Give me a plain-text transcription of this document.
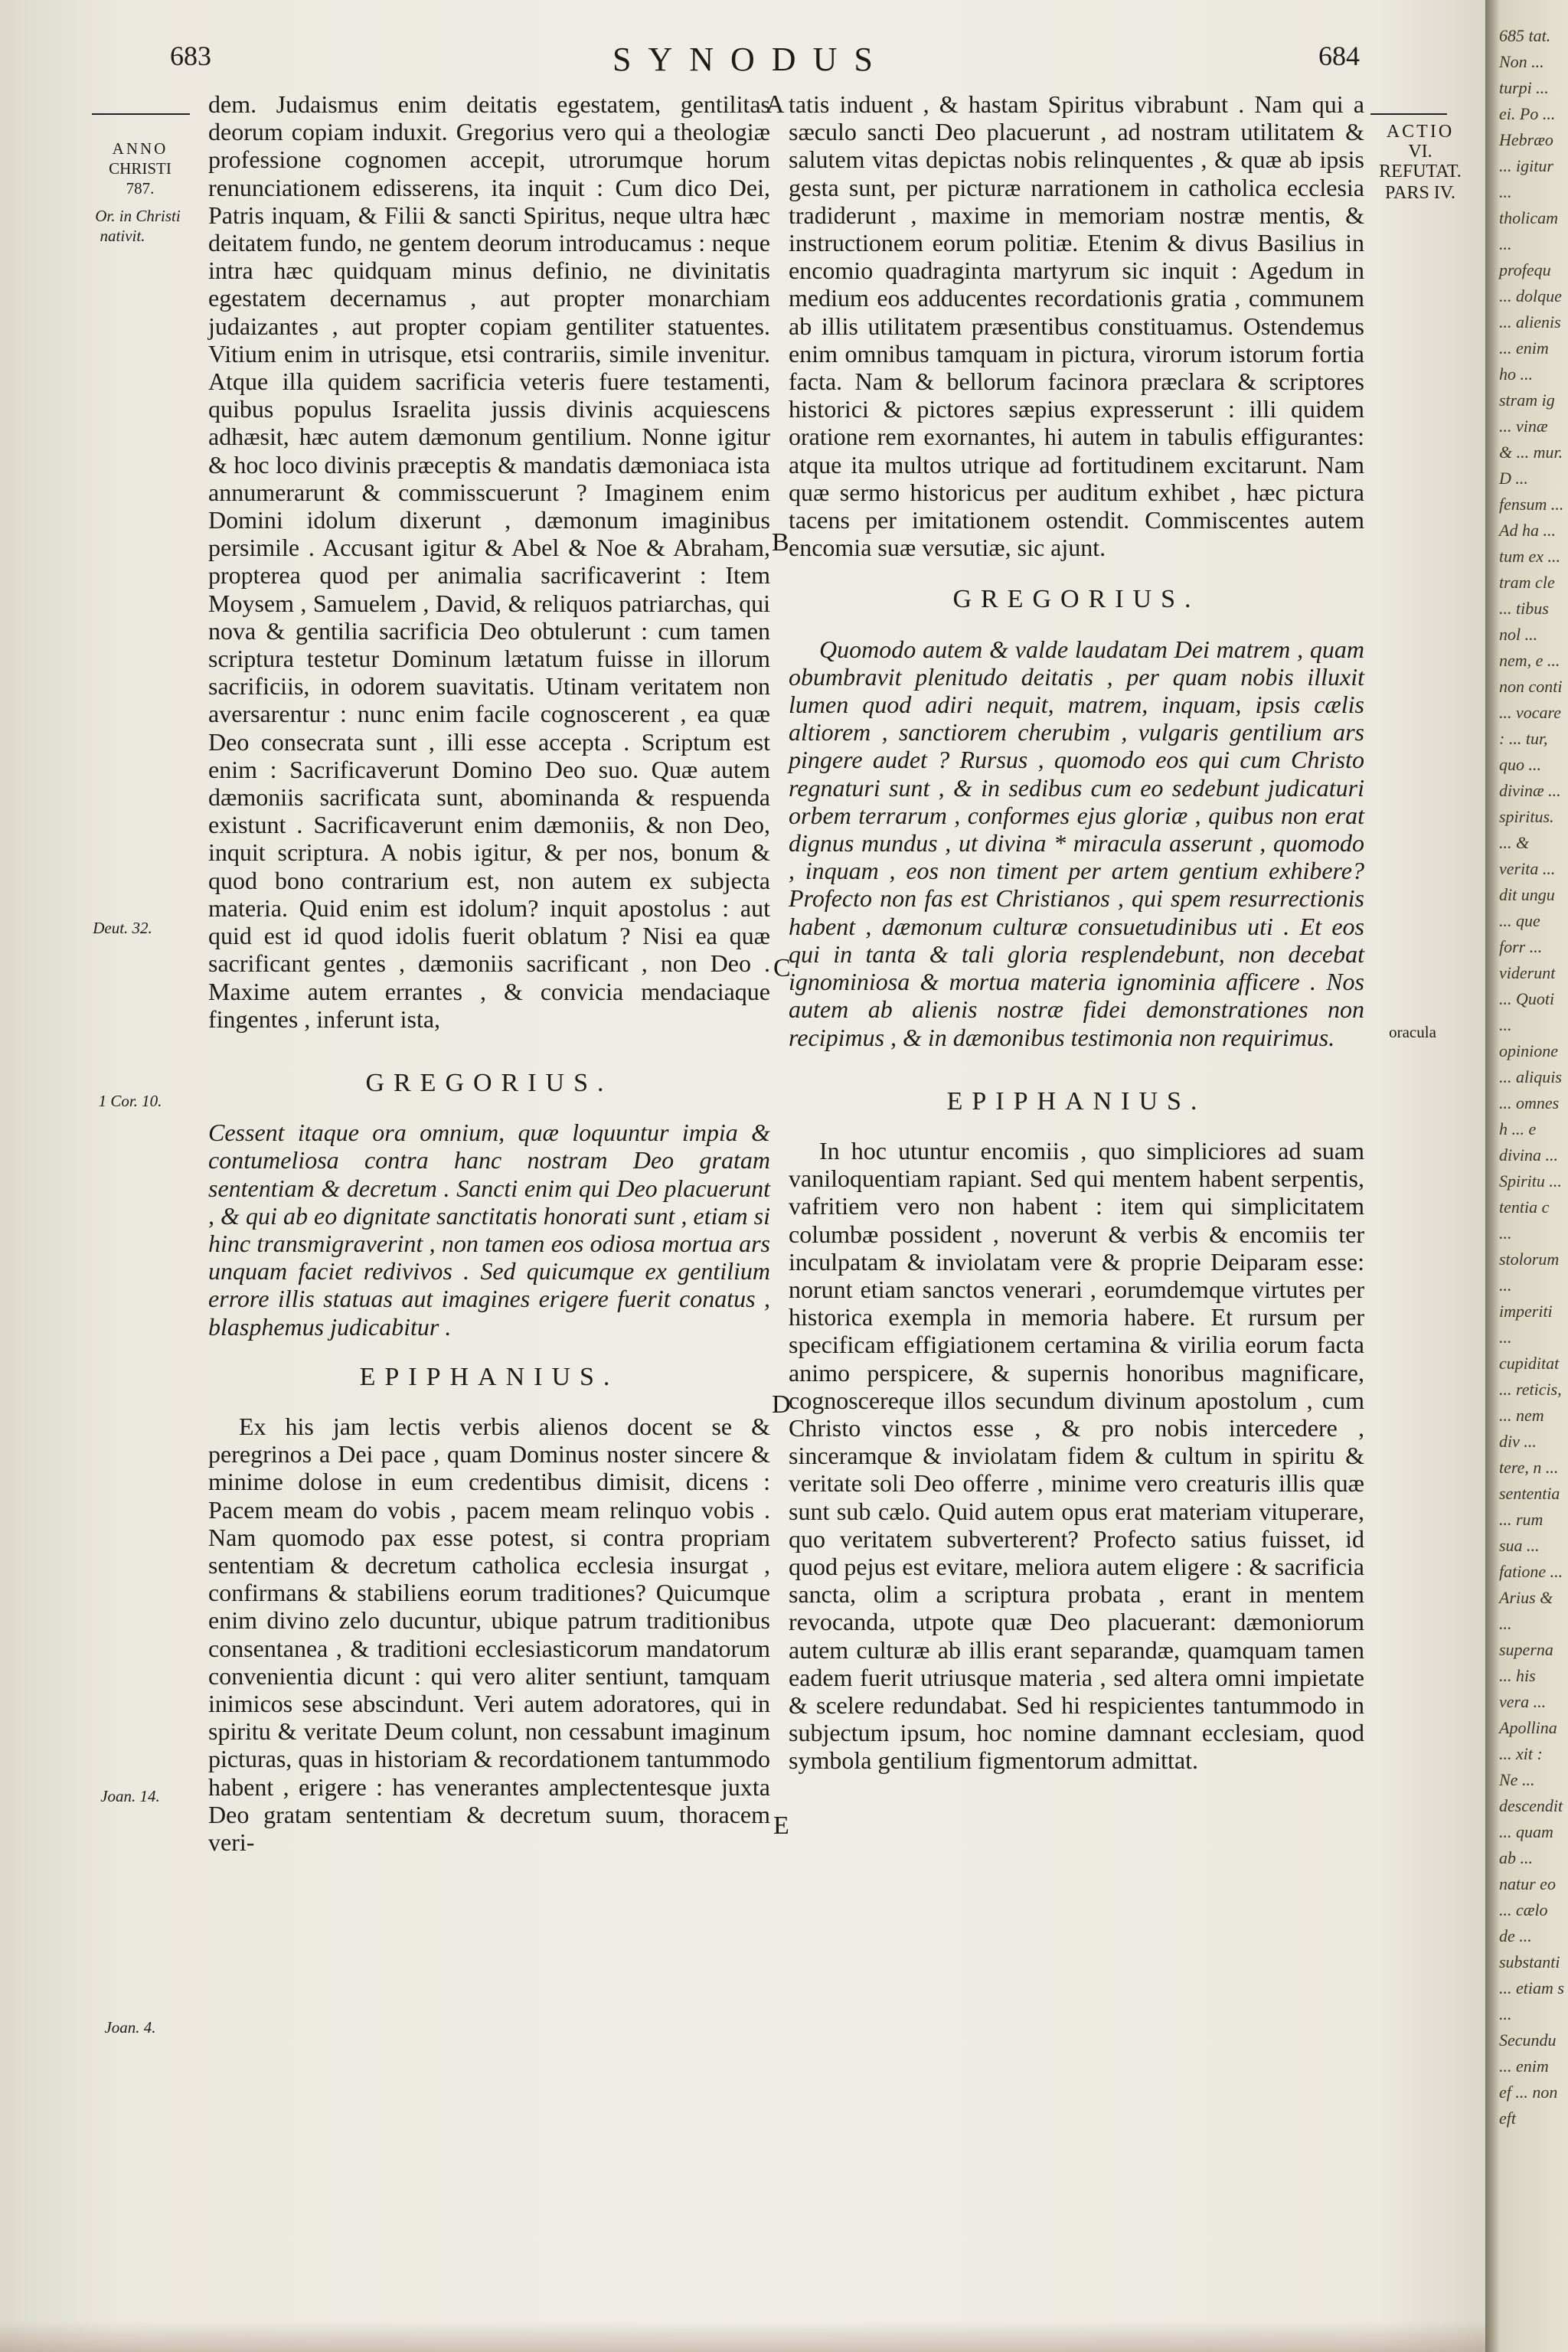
683	SYNODUS	684
ANNO
CHRISTI
787.
Or. in Christi
nativit.
Deut. 32.
1 Cor. 10.
Joan. 14.
Joan. 4.
ACTIO
VI.
REFUTAT.
PARS IV.
oracula
A
B
C
D
E

dem. Judaismus enim deitatis egestatem, gentilitas deorum copiam induxit. Gregorius vero qui a theologiæ professione cognomen accepit, utrorumque horum renunciationem edisserens, ita inquit : Cum dico Dei, Patris inquam, & Filii & sancti Spiritus, neque ultra hæc deitatem fundo, ne gentem deorum introducamus : neque intra hæc quidquam minus definio, ne divinitatis egestatem decernamus , aut propter monarchiam judaizantes , aut propter copiam gentiliter statuentes. Vitium enim in utrisque, etsi contrariis, simile invenitur. Atque illa quidem sacrificia veteris fuere testamenti, quibus populus Israelita jussis divinis acquiescens adhæsit, hæc autem dæmonum gentilium. Nonne igitur & hoc loco divinis præceptis & mandatis dæmoniaca ista annumerarunt & commisscuerunt ? Imaginem enim Domini idolum dixerunt , dæmonum imaginibus persimile . Accusant igitur & Abel & Noe & Abraham, propterea quod per animalia sacrificaverint : Item Moysem , Samuelem , David, & reliquos patriarchas, qui nova & gentilia sacrificia Deo obtulerunt : cum tamen scriptura testetur Dominum lætatum fuisse in illorum sacrificiis, in odorem suavitatis. Utinam veritatem non aversarentur : nunc enim facile cognoscerent , ea quæ Deo consecrata sunt , illi esse accepta . Scriptum est enim : Sacrificaverunt Domino Deo suo. Quæ autem dæmoniis sacrificata sunt, abominanda & respuenda existunt . Sacrificaverunt enim dæmoniis, & non Deo, inquit scriptura. A nobis igitur, & per nos, bonum & quod bono contrarium est, non autem ex subjecta materia. Quid enim est idolum? inquit apostolus : aut quid est id quod idolis fuerit oblatum ? Nisi ea quæ sacrificant gentes , dæmoniis sacrificant , non Deo . Maxime autem errantes , & convicia mendaciaque fingentes , inferunt ista,

GREGORIUS.

Cessent itaque ora omnium, quæ loquuntur impia & contumeliosa contra hanc nostram Deo gratam sententiam & decretum . Sancti enim qui Deo placuerunt , & qui ab eo dignitate sanctitatis honorati sunt , etiam si hinc transmigraverint , non tamen eos odiosa mortua ars unquam faciet redivivos . Sed quicumque ex gentilium errore illis statuas aut imagines erigere fuerit conatus , blasphemus judicabitur .

EPIPHANIUS.

Ex his jam lectis verbis alienos docent se & peregrinos a Dei pace , quam Dominus noster sincere & minime dolose in eum credentibus dimisit, dicens : Pacem meam do vobis , pacem meam relinquo vobis . Nam quomodo pax esse potest, si contra propriam sententiam & decretum catholica ecclesia insurgat , confirmans & stabiliens eorum traditiones? Quicumque enim divino zelo ducuntur, ubique patrum traditionibus consentanea , & traditioni ecclesiasticorum mandatorum convenientia dicunt : qui vero aliter sentiunt, tamquam inimicos sese abscindunt. Veri autem adoratores, qui in spiritu & veritate Deum colunt, non cessabunt imaginum picturas, quas in historiam & recordationem tantummodo habent , erigere : has venerantes amplectentesque juxta Deo gratam sententiam & decretum suum, thoracem veri-

tatis induent , & hastam Spiritus vibrabunt . Nam qui a sæculo sancti Deo placuerunt , ad nostram utilitatem & salutem vitas depictas nobis relinquentes , & quæ ab ipsis gesta sunt, per picturæ narrationem in catholica ecclesia tradiderunt , maxime in memoriam nostræ mentis, & instructionem eorum politiæ. Etenim & divus Basilius in encomio quadraginta martyrum sic inquit : Agedum in medium eos adducentes recordationis gratia , communem ab illis utilitatem præsentibus constituamus. Ostendemus enim omnibus tamquam in pictura, virorum istorum fortia facta. Nam & bellorum facinora præclara & scriptores historici & pictores sæpius expresserunt : illi quidem oratione rem exornantes, hi autem in tabulis effigurantes: atque ita multos utrique ad fortitudinem excitarunt. Nam quæ sermo historicus per auditum exhibet , hæc pictura tacens per imitationem ostendit. Commiscentes autem encomia suæ versutiæ, sic ajunt.

GREGORIUS.

Quomodo autem & valde laudatam Dei matrem , quam obumbravit plenitudo deitatis , per quam nobis illuxit lumen quod adiri nequit, matrem, inquam, ipsis cælis altiorem , sanctiorem cherubim , vulgaris gentilium ars pingere audet ? Rursus , quomodo eos qui cum Christo regnaturi sunt , & in sedibus cum eo sedebunt judicaturi orbem terrarum , conformes ejus gloriæ , quibus non erat dignus mundus , ut divina * miracula asserunt , quomodo , inquam , eos non timent per artem gentium exhibere? Profecto non fas est Christianos , qui spem resurrectionis habent , dæmonum culturæ consuetudinibus uti . Et eos qui in tanta & tali gloria resplendebunt, non decebat ignominiosa & mortua materia ignominia afficere . Nos autem ab alienis nostræ fidei demonstrationes non recipimus , & in dæmonibus testimonia non requirimus.

EPIPHANIUS.

In hoc utuntur encomiis , quo simpliciores ad suam vaniloquentiam rapiant. Sed qui mentem habent serpentis, vafritiem vero non habent : item qui simplicitatem columbæ possident , noverunt & verbis & encomiis ter inculpatam & inviolatam vere & proprie Deiparam esse: norunt etiam sanctos venerari , eorumdemque virtutes per historica exempla in memoria habere. Et rursum per specificam effigiationem certamina & virilia eorum facta animo perspicere, & supernis honoribus magnificare, cognoscereque illos secundum divinum apostolum , cum Christo vinctos esse , & pro nobis intercedere , sinceramque & inviolatam fidem & cultum in spiritu & veritate soli Deo offerre , minime vero creaturis illis quæ sunt sub cælo. Quid autem opus erat materiam vituperare, quo veritatem subverterent? Profecto satius fuisset, id quod pejus est evitare, meliora autem eligere : & sacrificia sancta, olim a scriptura probata , erant in mentem revocanda, utpote quæ Deo placuerant: dæmoniorum autem culturæ ab illis erant separandæ, quamquam tamen eadem fuerit utriusque materia , sed altera omni impietate & scelere redundabat. Sed hi respicientes tantummodo in subjectum ipsum, hoc nomine damnant ecclesiam, quod symbola gentilium figmentorum admittat.

685 tat. Non ... turpi ... ei. Po ... Hebræo ... igitur ... tholicam ... profequ ... dolque ... alienis ... enim ho ... stram ig ... vinæ & ... mur. D ... fensum ... Ad ha ... tum ex ... tram cle ... tibus nol ... nem, e ... non conti ... vocare : ... tur, quo ... divinæ ... spiritus. ... & verita ... dit ungu ... que forr ... viderunt ... Quoti ... opinione ... aliquis ... omnes h ... e divina ... Spiritu ... tentia c ... stolorum ... imperiti ... cupiditat ... reticis, ... nem div ... tere, n ... sententia ... rum sua ... fatione ... Arius & ... superna ... his vera ... Apollina ... xit : Ne ... descendit ... quam ab ... natur eo ... cælo de ... substanti ... etiam s ... Secundu ... enim ef ... non eft
